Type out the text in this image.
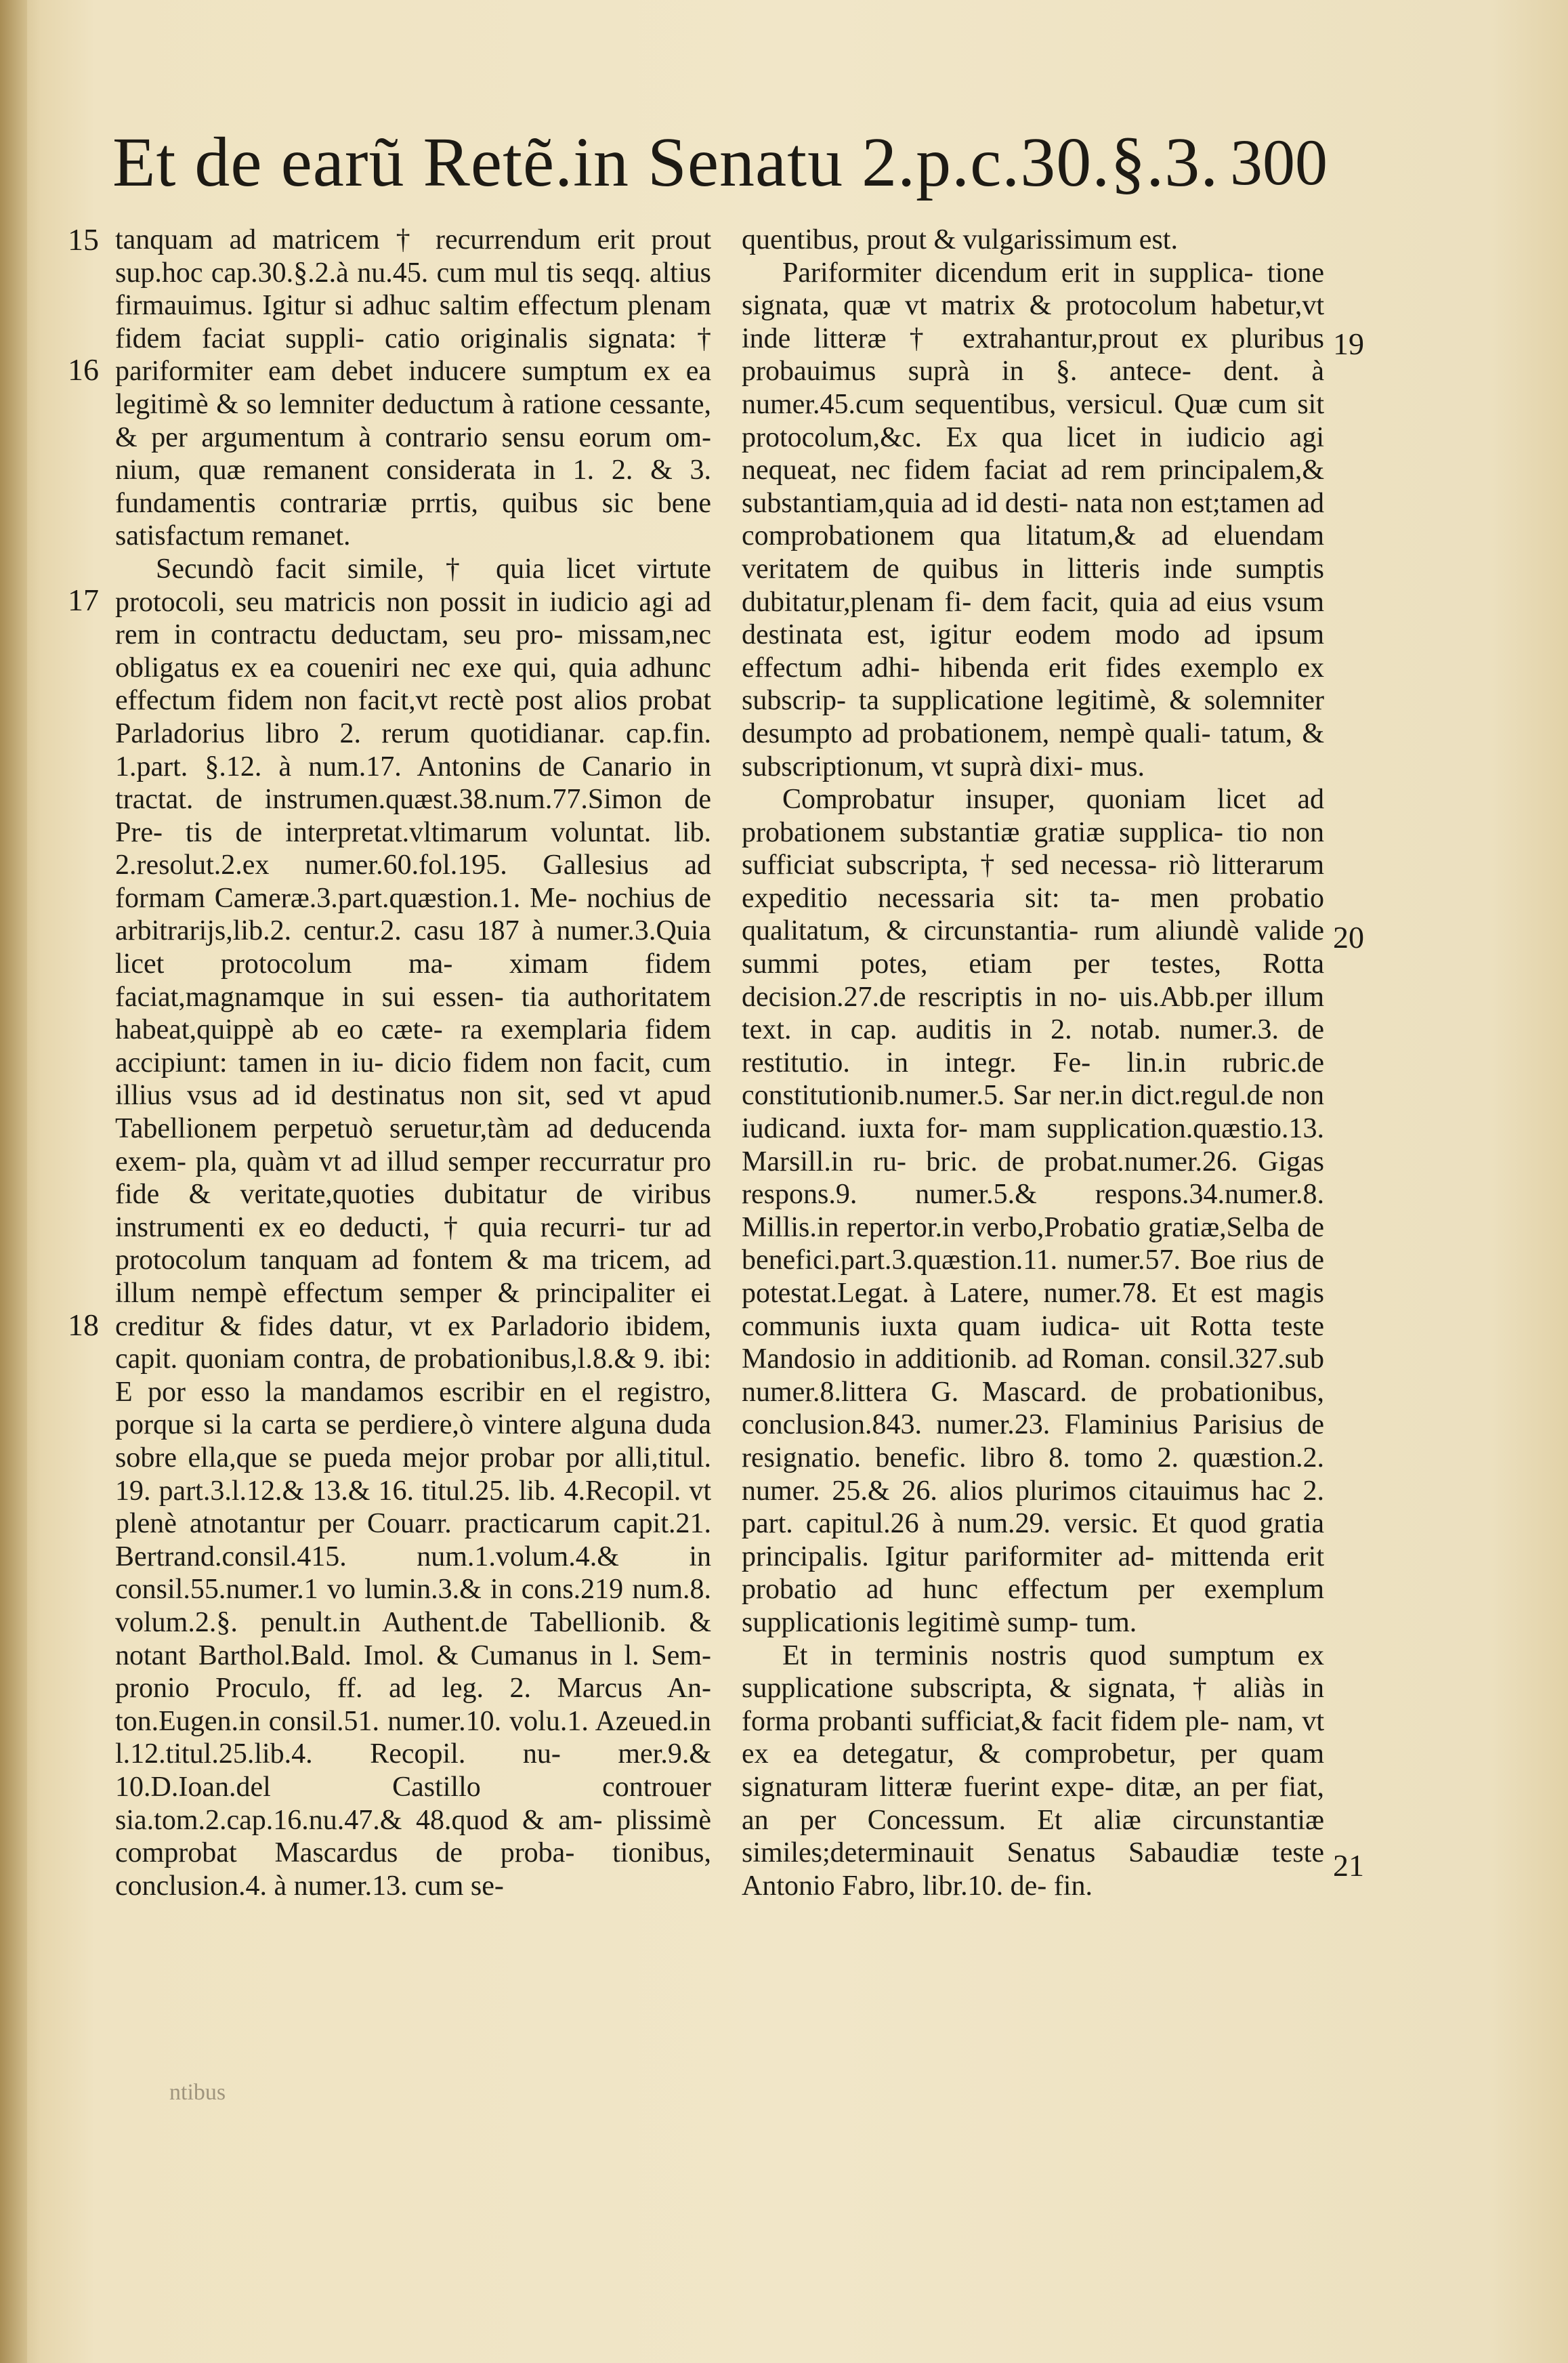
Et de earũ Retẽ.in Senatu 2.p.c.30.§.3. 300
15
16
17
18
19
20
21

tanquam ad matricem † recurrendum erit prout sup.hoc cap.30.§.2.à nu.45. cum mul tis seqq. altius firmauimus. Igitur si adhuc saltim effectum plenam fidem faciat suppli- catio originalis signata: † pariformiter eam debet inducere sumptum ex ea legitimè & so lemniter deductum à ratione cessante, & per argumentum à contrario sensu eorum om- nium, quæ remanent considerata in 1. 2. & 3. fundamentis contrariæ prrtis, quibus sic bene satisfactum remanet.

Secundò facit simile, † quia licet virtute protocoli, seu matricis non possit in iudicio agi ad rem in contractu deductam, seu pro- missam,nec obligatus ex ea coueniri nec exe qui, quia adhunc effectum fidem non facit,vt rectè post alios probat Parladorius libro 2. rerum quotidianar. cap.fin. 1.part. §.12. à num.17. Antonins de Canario in tractat. de instrumen.quæst.38.num.77.Simon de Pre- tis de interpretat.vltimarum voluntat. lib. 2.resolut.2.ex numer.60.fol.195. Gallesius ad formam Cameræ.3.part.quæstion.1. Me- nochius de arbitrarijs,lib.2. centur.2. casu 187 à numer.3.Quia licet protocolum ma- ximam fidem faciat,magnamque in sui essen- tia authoritatem habeat,quippè ab eo cæte- ra exemplaria fidem accipiunt: tamen in iu- dicio fidem non facit, cum illius vsus ad id destinatus non sit, sed vt apud Tabellionem perpetuò seruetur,tàm ad deducenda exem- pla, quàm vt ad illud semper reccurratur pro fide & veritate,quoties dubitatur de viribus instrumenti ex eo deducti, † quia recurri- tur ad protocolum tanquam ad fontem & ma tricem, ad illum nempè effectum semper & principaliter ei creditur & fides datur, vt ex Parladorio ibidem, capit. quoniam contra, de probationibus,l.8.& 9. ibi: E por esso la mandamos escribir en el registro, porque si la carta se perdiere,ò vintere alguna duda sobre ella,que se pueda mejor probar por alli,titul. 19. part.3.l.12.& 13.& 16. titul.25. lib. 4.Recopil. vt plenè atnotantur per Couarr. practicarum capit.21. Bertrand.consil.415. num.1.volum.4.& in consil.55.numer.1 vo lumin.3.& in cons.219 num.8. volum.2.§. penult.in Authent.de Tabellionib. & notant Barthol.Bald. Imol. & Cumanus in l. Sem- pronio Proculo, ff. ad leg. 2. Marcus An- ton.Eugen.in consil.51. numer.10. volu.1. Azeued.in l.12.titul.25.lib.4. Recopil. nu- mer.9.& 10.D.Ioan.del Castillo controuer sia.tom.2.cap.16.nu.47.& 48.quod & am- plissimè comprobat Mascardus de proba- tionibus, conclusion.4. à numer.13. cum se-

quentibus, prout & vulgarissimum est.

Pariformiter dicendum erit in supplica- tione signata, quæ vt matrix & protocolum habetur,vt inde litteræ † extrahantur,prout ex pluribus probauimus suprà in §. antece- dent. à numer.45.cum sequentibus, versicul. Quæ cum sit protocolum,&c. Ex qua licet in iudicio agi nequeat, nec fidem faciat ad rem principalem,& substantiam,quia ad id desti- nata non est;tamen ad comprobationem qua litatum,& ad eluendam veritatem de quibus in litteris inde sumptis dubitatur,plenam fi- dem facit, quia ad eius vsum destinata est, igitur eodem modo ad ipsum effectum adhi- hibenda erit fides exemplo ex subscrip- ta supplicatione legitimè, & solemniter desumpto ad probationem, nempè quali- tatum, & subscriptionum, vt suprà dixi- mus.

Comprobatur insuper, quoniam licet ad probationem substantiæ gratiæ supplica- tio non sufficiat subscripta, † sed necessa- riò litterarum expeditio necessaria sit: ta- men probatio qualitatum, & circunstantia- rum aliundè valide summi potes, etiam per testes, Rotta decision.27.de rescriptis in no- uis.Abb.per illum text. in cap. auditis in 2. notab. numer.3. de restitutio. in integr. Fe- lin.in rubric.de constitutionib.numer.5. Sar ner.in dict.regul.de non iudicand. iuxta for- mam supplication.quæstio.13. Marsill.in ru- bric. de probat.numer.26. Gigas respons.9. numer.5.& respons.34.numer.8. Millis.in repertor.in verbo,Probatio gratiæ,Selba de benefici.part.3.quæstion.11. numer.57. Boe rius de potestat.Legat. à Latere, numer.78. Et est magis communis iuxta quam iudica- uit Rotta teste Mandosio in additionib. ad Roman. consil.327.sub numer.8.littera G. Mascard. de probationibus, conclusion.843. numer.23. Flaminius Parisius de resignatio. benefic. libro 8. tomo 2. quæstion.2. numer. 25.& 26. alios plurimos citauimus hac 2. part. capitul.26 à num.29. versic. Et quod gratia principalis. Igitur pariformiter ad- mittenda erit probatio ad hunc effectum per exemplum supplicationis legitimè sump- tum.

Et in terminis nostris quod sumptum ex supplicatione subscripta, & signata, † aliàs in forma probanti sufficiat,& facit fidem ple- nam, vt ex ea detegatur, & comprobetur, per quam signaturam litteræ fuerint expe- ditæ, an per fiat, an per Concessum. Et aliæ circunstantiæ similes;determinauit Senatus Sabaudiæ teste Antonio Fabro, libr.10. de- fin.

ntibus
